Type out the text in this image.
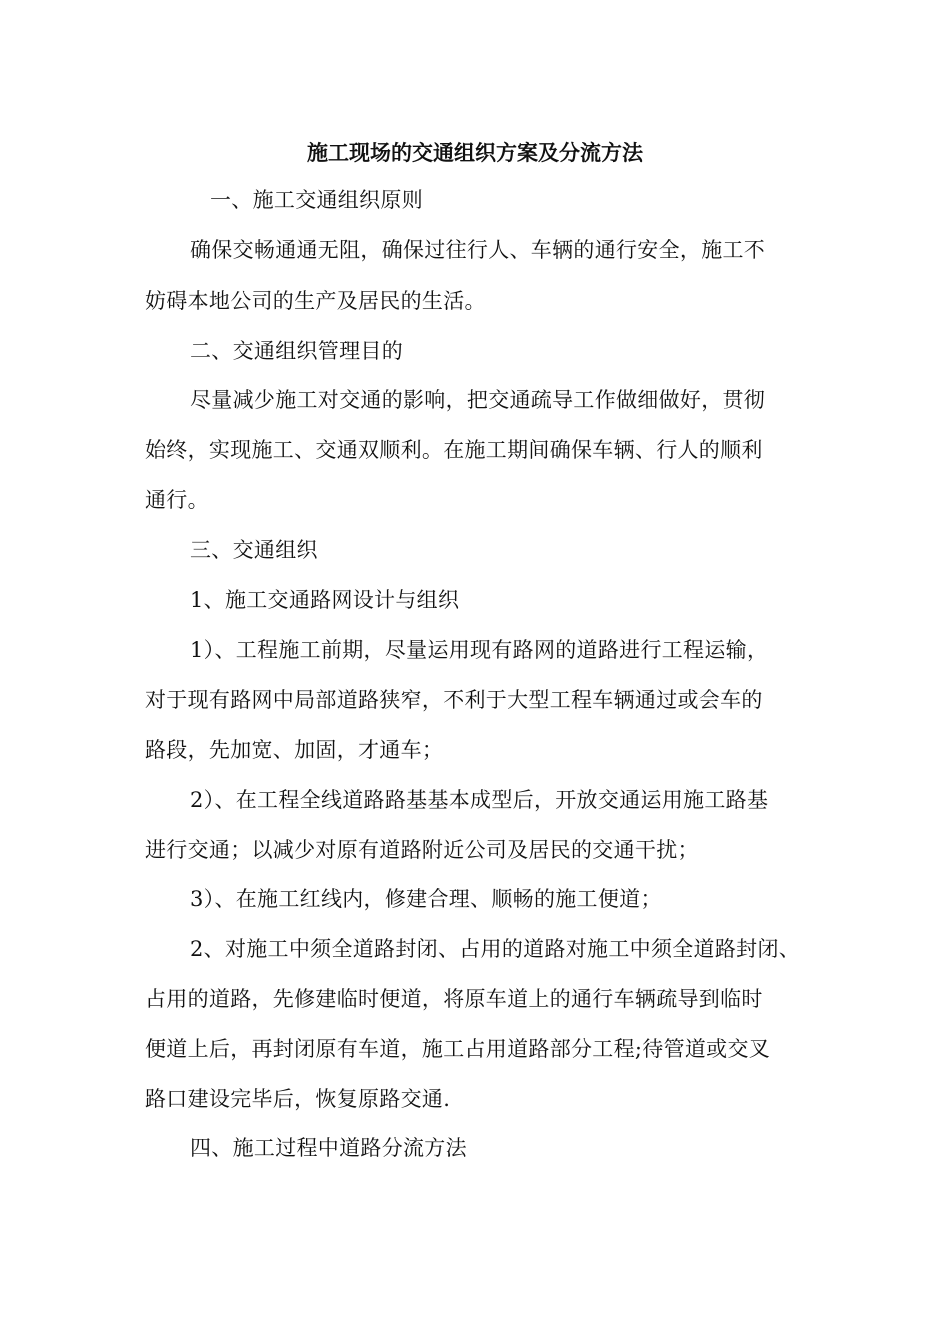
施工现场的交通组织方案及分流方法
一、施工交通组织原则
确保交畅通通无阻，确保过往行人、车辆的通行安全，施工不
妨碍本地公司的生产及居民的生活。
二、交通组织管理目的
尽量减少施工对交通的影响，把交通疏导工作做细做好，贯彻
始终，实现施工、交通双顺利。在施工期间确保车辆、行人的顺利
通行。
三、交通组织
1、施工交通路网设计与组织
1）、工程施工前期，尽量运用现有路网的道路进行工程运输，
对于现有路网中局部道路狭窄，不利于大型工程车辆通过或会车的
路段，先加宽、加固，才通车；
2）、在工程全线道路路基基本成型后，开放交通运用施工路基
进行交通；以减少对原有道路附近公司及居民的交通干扰；
3）、在施工红线内，修建合理、顺畅的施工便道；
2、对施工中须全道路封闭、占用的道路对施工中须全道路封闭、
占用的道路，先修建临时便道，将原车道上的通行车辆疏导到临时
便道上后，再封闭原有车道，施工占用道路部分工程;待管道或交叉
路口建设完毕后，恢复原路交通.
四、施工过程中道路分流方法
